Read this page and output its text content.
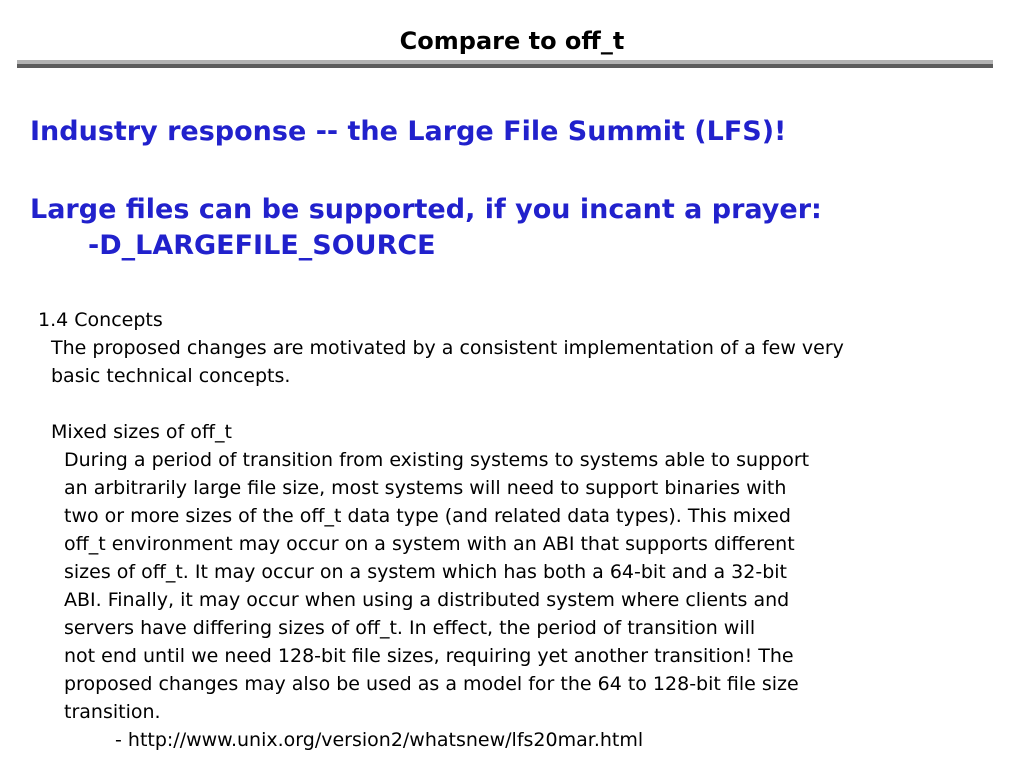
Compare to off_t
Industry response -- the Large File Summit (LFS)!
Large files can be supported, if you incant a prayer:
-D_LARGEFILE_SOURCE
1.4 Concepts
The proposed changes are motivated by a consistent implementation of a few very
basic technical concepts.
Mixed sizes of off_t
During a period of transition from existing systems to systems able to support
an arbitrarily large file size, most systems will need to support binaries with
two or more sizes of the off_t data type (and related data types). This mixed
off_t environment may occur on a system with an ABI that supports different
sizes of off_t. It may occur on a system which has both a 64-bit and a 32-bit
ABI. Finally, it may occur when using a distributed system where clients and
servers have differing sizes of off_t. In effect, the period of transition will
not end until we need 128-bit file sizes, requiring yet another transition! The
proposed changes may also be used as a model for the 64 to 128-bit file size
transition.
- http://www.unix.org/version2/whatsnew/lfs20mar.html
